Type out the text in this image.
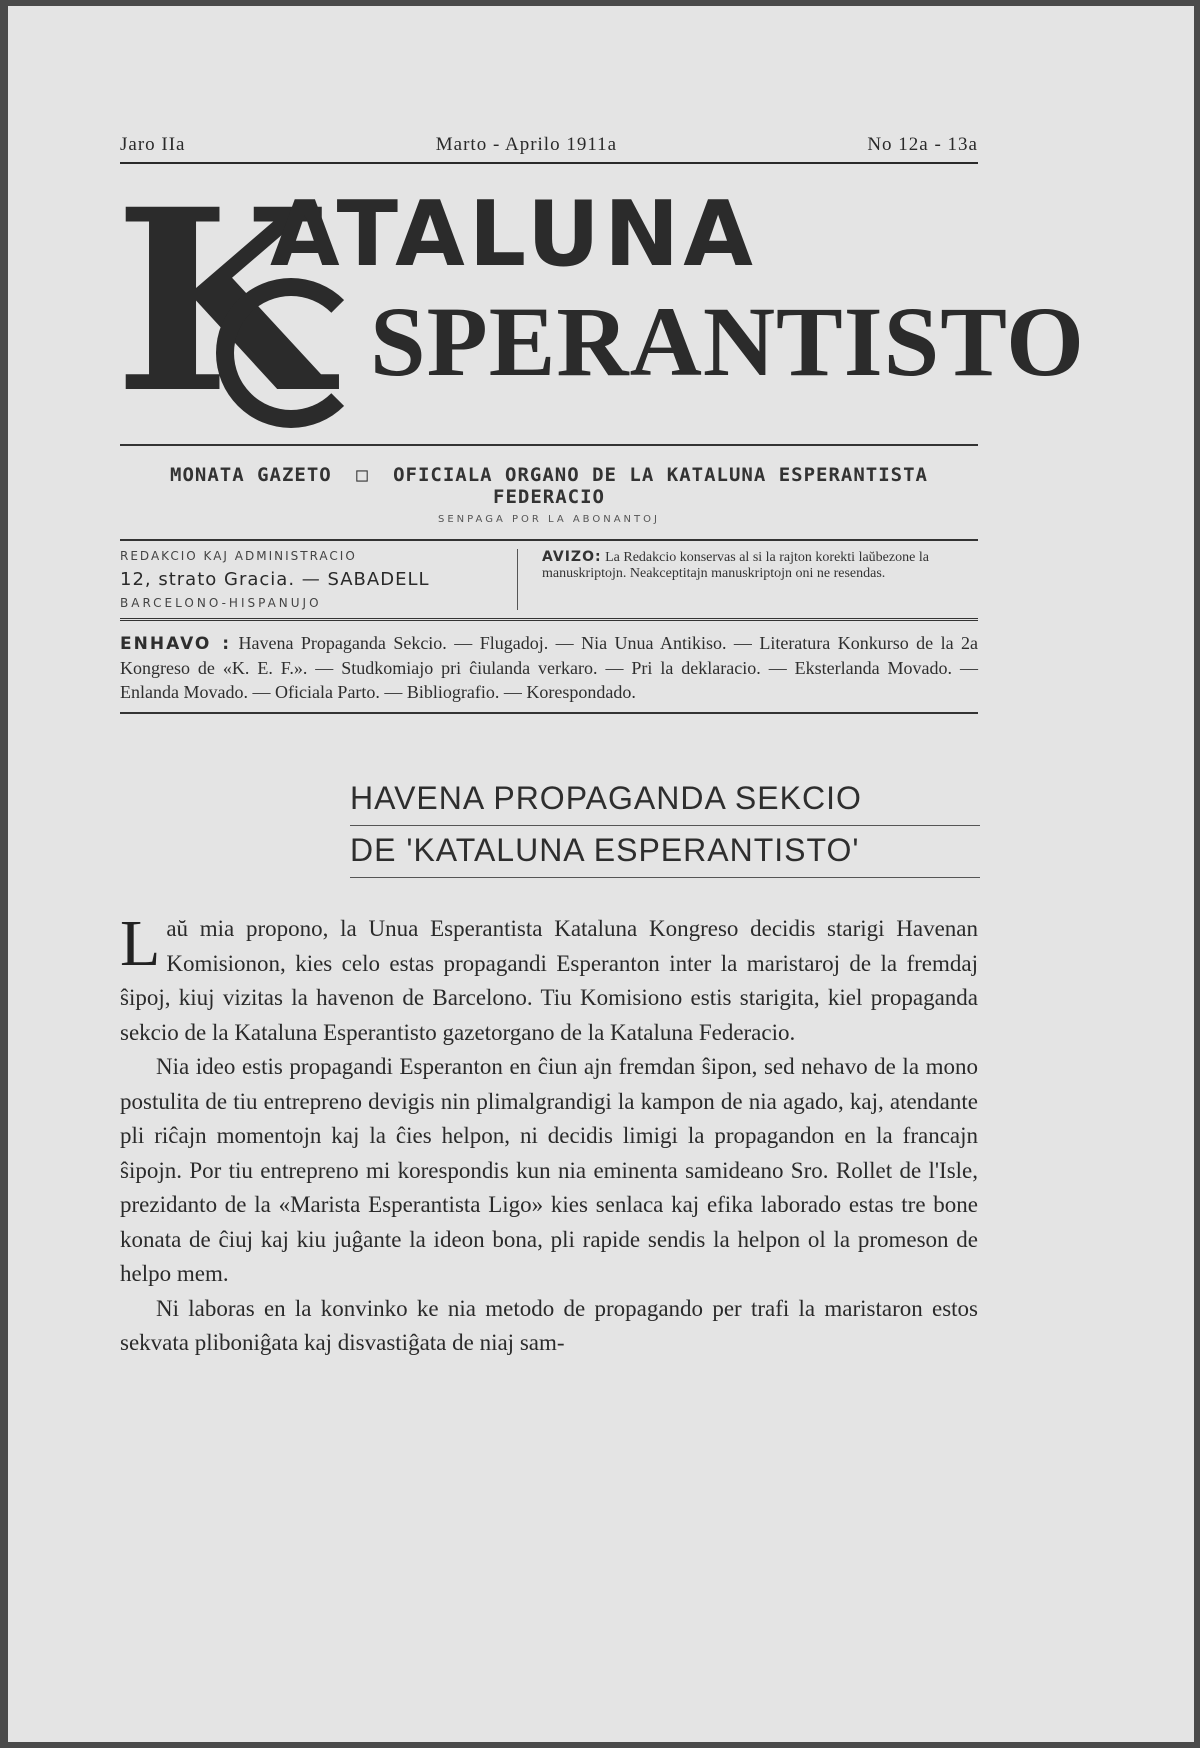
Jaro IIa	Marto - Aprilo 1911a	No 12a - 13a
K
ATALUNA
SPERANTISTO
MONATA GAZETO □ OFICIALA ORGANO DE LA KATALUNA ESPERANTISTA FEDERACIO
SENPAGA POR LA ABONANTOJ
REDAKCIO KAJ ADMINISTRACIO
12, strato Gracia. — SABADELL
BARCELONO-HISPANUJO
AVIZO: La Redakcio konservas al si la rajton korekti laŭbezone la manuskriptojn. Neakceptitajn manuskriptojn oni ne resendas.
ENHAVO : Havena Propaganda Sekcio. — Flugadoj. — Nia Unua Antikiso. — Literatura Konkurso de la 2a Kongreso de «K. E. F.». — Studkomiajo pri ĉiulanda verkaro. — Pri la deklaracio. — Eksterlanda Movado. — Enlanda Movado. — Oficiala Parto. — Bibliografio. — Korespondado.
HAVENA PROPAGANDA SEKCIO
DE 'KATALUNA ESPERANTISTO'

Laŭ mia propono, la Unua Esperantista Kataluna Kongreso decidis starigi Havenan Komisionon, kies celo estas propagandi Esperanton inter la maristaroj de la fremdaj ŝipoj, kiuj vizitas la havenon de Barcelono. Tiu Komisiono estis starigita, kiel propaganda sekcio de la Kataluna Esperantisto gazetorgano de la Kataluna Federacio.

Nia ideo estis propagandi Esperanton en ĉiun ajn fremdan ŝipon, sed nehavo de la mono postulita de tiu entrepreno devigis nin plimalgrandigi la kampon de nia agado, kaj, atendante pli riĉajn momentojn kaj la ĉies helpon, ni decidis limigi la propagandon en la francajn ŝipojn. Por tiu entrepreno mi korespondis kun nia eminenta samideano Sro. Rollet de l'Isle, prezidanto de la «Marista Esperantista Ligo» kies senlaca kaj efika laborado estas tre bone konata de ĉiuj kaj kiu juĝante la ideon bona, pli rapide sendis la helpon ol la promeson de helpo mem.

Ni laboras en la konvinko ke nia metodo de propagando per trafi la maristaron estos sekvata pliboniĝata kaj disvastiĝata de niaj sam-
